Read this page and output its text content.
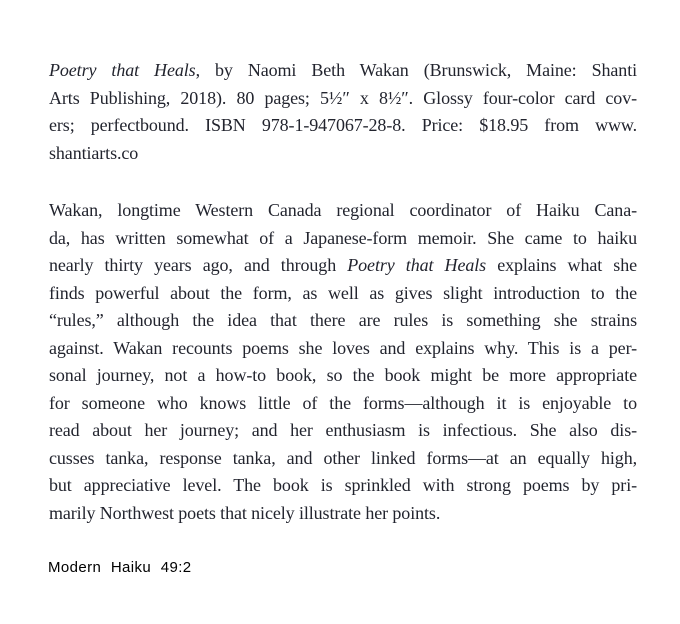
Poetry that Heals, by Naomi Beth Wakan (Brunswick, Maine: Shanti
Arts Publishing, 2018). 80 pages; 5½″ x 8½″. Glossy four-color card cov-
ers; perfectbound. ISBN 978-1-947067-28-8. Price: $18.95 from www.
shantiarts.co
Wakan, longtime Western Canada regional coordinator of Haiku Cana-
da, has written somewhat of a Japanese-form memoir. She came to haiku
nearly thirty years ago, and through Poetry that Heals explains what she
finds powerful about the form, as well as gives slight introduction to the
“rules,” although the idea that there are rules is something she strains
against. Wakan recounts poems she loves and explains why. This is a per-
sonal journey, not a how-to book, so the book might be more appropriate
for someone who knows little of the forms—although it is enjoyable to
read about her journey; and her enthusiasm is infectious. She also dis-
cusses tanka, response tanka, and other linked forms—at an equally high,
but appreciative level. The book is sprinkled with strong poems by pri-
marily Northwest poets that nicely illustrate her points.
Modern Haiku 49:2
